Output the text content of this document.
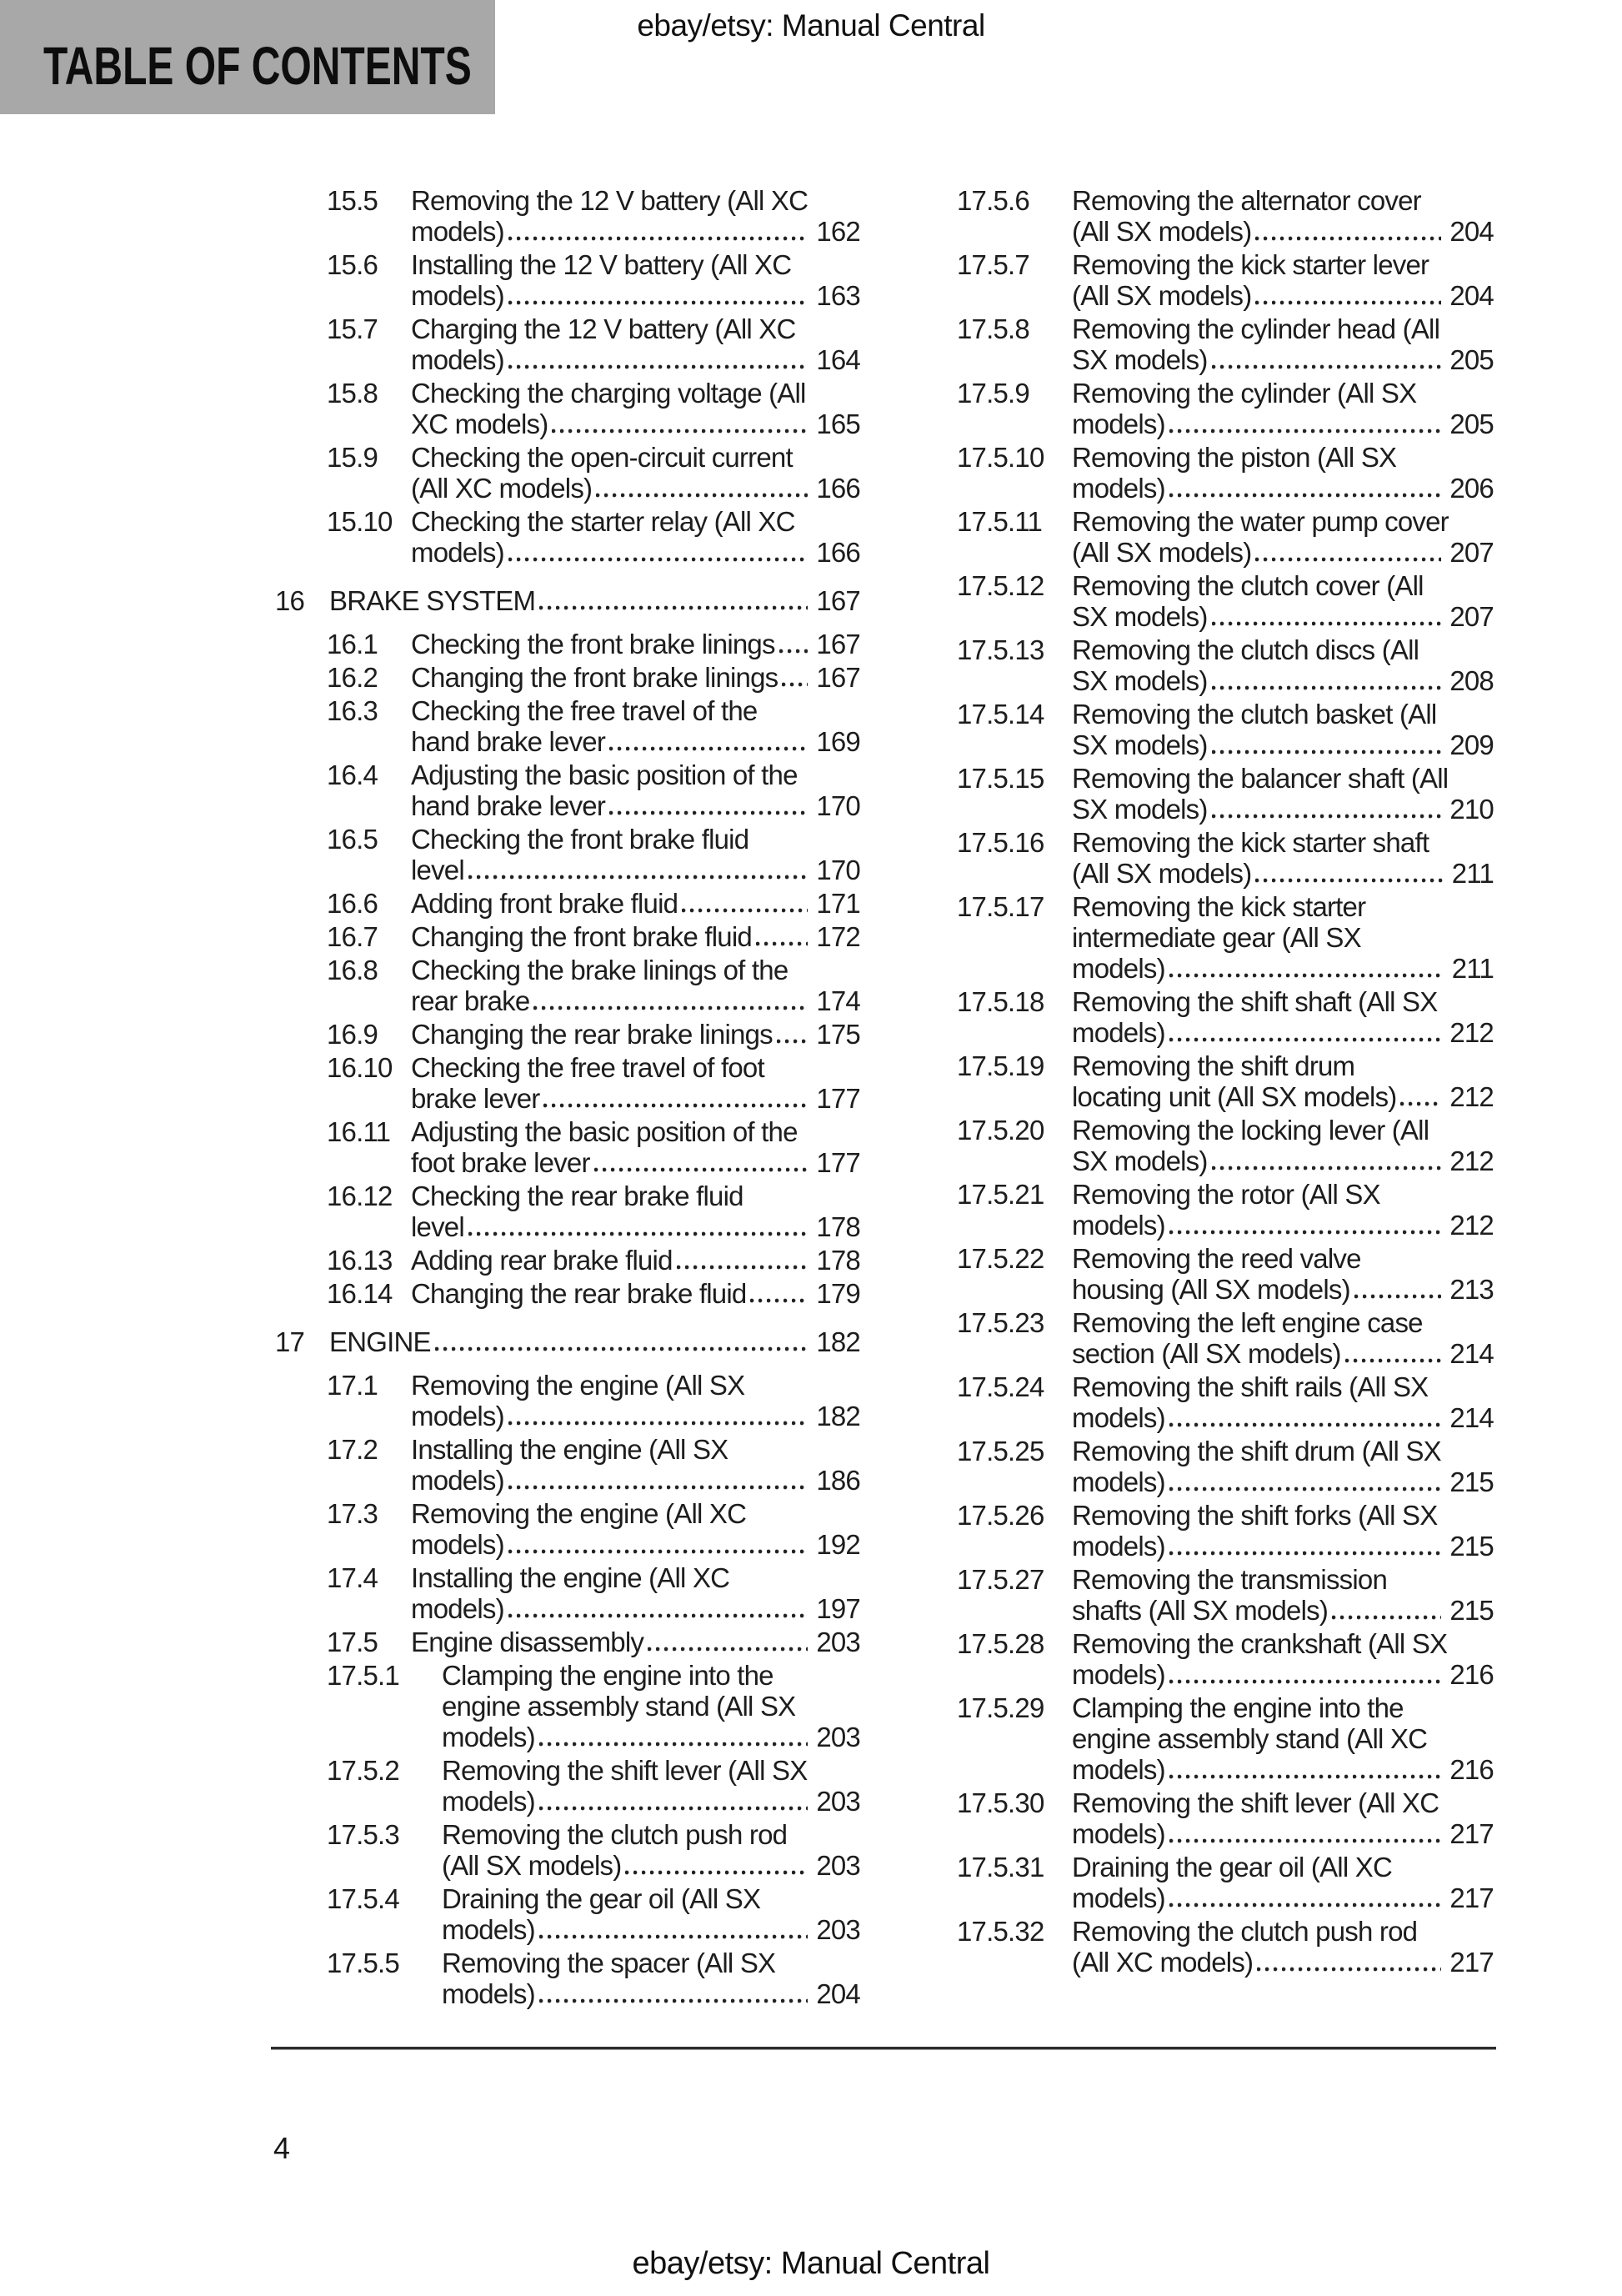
ebay/etsy: Manual Central
TABLE OF CONTENTS
15.5	Removing the 12 V battery (All XC
models)	162
15.6	Installing the 12 V battery (All XC
models)	163
15.7	Charging the 12 V battery (All XC
models)	164
15.8	Checking the charging voltage (All
XC models)	165
15.9	Checking the open-circuit current
(All XC models)	166
15.10 Checking the starter relay (All XC
models)	166
16 BRAKE SYSTEM	167
16.1	Checking the front brake linings 167
16.2	Changing the front brake linings 167
16.3	Checking the free travel of the
hand brake lever	169
16.4	Adjusting the basic position of the
hand brake lever	170
16.5	Checking the front brake fluid
level	170
16.6	Adding front brake fluid	171
16.7	Changing the front brake fluid 172
16.8	Checking the brake linings of the
rear brake	174
16.9	Changing the rear brake linings 175
16.10 Checking the free travel of foot
brake lever	177
16.11 Adjusting the basic position of the
foot brake lever	177
16.12 Checking the rear brake fluid
level	178
16.13 Adding rear brake fluid	178
16.14 Changing the rear brake fluid	179
17 ENGINE	182
17.1	Removing the engine (All SX
models)	182
17.2	Installing the engine (All SX
models)	186
17.3	Removing the engine (All XC
models)	192
17.4	Installing the engine (All XC
models)	197
17.5	Engine disassembly	203
17.5.1	Clamping the engine into the
engine assembly stand (All SX
models)	203
17.5.2	Removing the shift lever (All SX
models)	203
17.5.3	Removing the clutch push rod
(All SX models)	203
17.5.4	Draining the gear oil (All SX
models)	203
17.5.5	Removing the spacer (All SX
models)	204
17.5.6	Removing the alternator cover
(All SX models)	204
17.5.7	Removing the kick starter lever
(All SX models)	204
17.5.8	Removing the cylinder head (All
SX models)	205
17.5.9	Removing the cylinder (All SX
models)	205
17.5.10	Removing the piston (All SX
models)	206
17.5.11	Removing the water pump cover
(All SX models)	207
17.5.12	Removing the clutch cover (All
SX models)	207
17.5.13	Removing the clutch discs (All
SX models)	208
17.5.14	Removing the clutch basket (All
SX models)	209
17.5.15	Removing the balancer shaft (All
SX models)	210
17.5.16	Removing the kick starter shaft
(All SX models)	211
17.5.17	Removing the kick starter
intermediate gear (All SX
models)	211
17.5.18	Removing the shift shaft (All SX
models)	212
17.5.19	Removing the shift drum
locating unit (All SX models) 212
17.5.20	Removing the locking lever (All
SX models)	212
17.5.21	Removing the rotor (All SX
models)	212
17.5.22	Removing the reed valve
housing (All SX models)	213
17.5.23	Removing the left engine case
section (All SX models)	214
17.5.24	Removing the shift rails (All SX
models)	214
17.5.25	Removing the shift drum (All SX
models)	215
17.5.26	Removing the shift forks (All SX
models)	215
17.5.27	Removing the transmission
shafts (All SX models)	215
17.5.28	Removing the crankshaft (All SX
models)	216
17.5.29	Clamping the engine into the
engine assembly stand (All XC
models)	216
17.5.30	Removing the shift lever (All XC
models)	217
17.5.31	Draining the gear oil (All XC
models)	217
17.5.32	Removing the clutch push rod
(All XC models)	217
4
ebay/etsy: Manual Central
